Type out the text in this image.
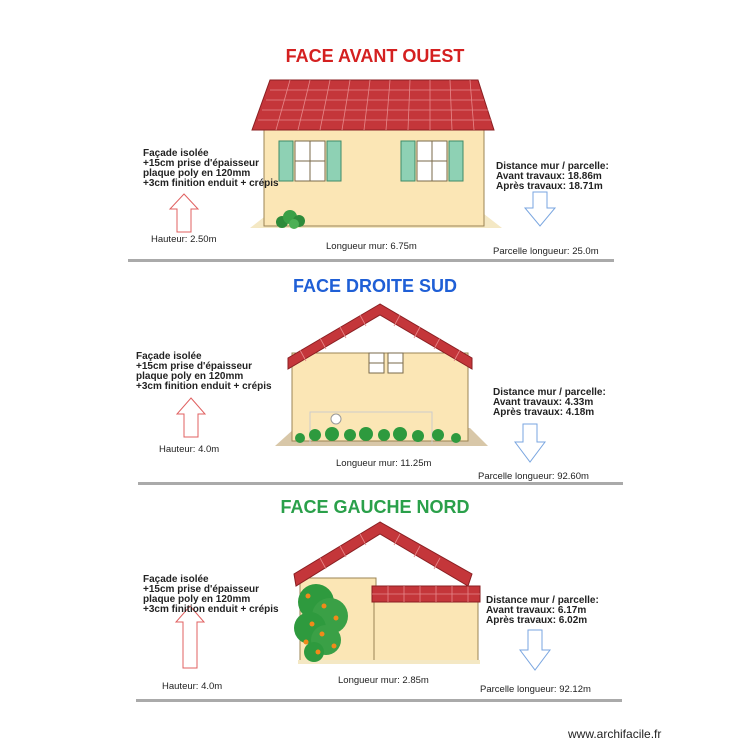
FACE AVANT OUEST
Façade isolée
+15cm prise d'épaisseur
plaque poly en 120mm
+3cm finition enduit + crépis
Hauteur: 2.50m
Longueur mur: 6.75m
Distance mur / parcelle:
Avant travaux: 18.86m
Après travaux: 18.71m
Parcelle longueur: 25.0m
FACE DROITE SUD
Façade isolée
+15cm prise d'épaisseur
plaque poly en 120mm
+3cm finition enduit + crépis
Hauteur: 4.0m
Longueur mur: 11.25m
Distance mur / parcelle:
Avant travaux: 4.33m
Après travaux: 4.18m
Parcelle longueur: 92.60m
FACE GAUCHE NORD
Façade isolée
+15cm prise d'épaisseur
plaque poly en 120mm
+3cm finition enduit + crépis
Hauteur: 4.0m
Longueur mur: 2.85m
Distance mur / parcelle:
Avant travaux: 6.17m
Après travaux: 6.02m
Parcelle longueur: 92.12m
www.archifacile.fr
